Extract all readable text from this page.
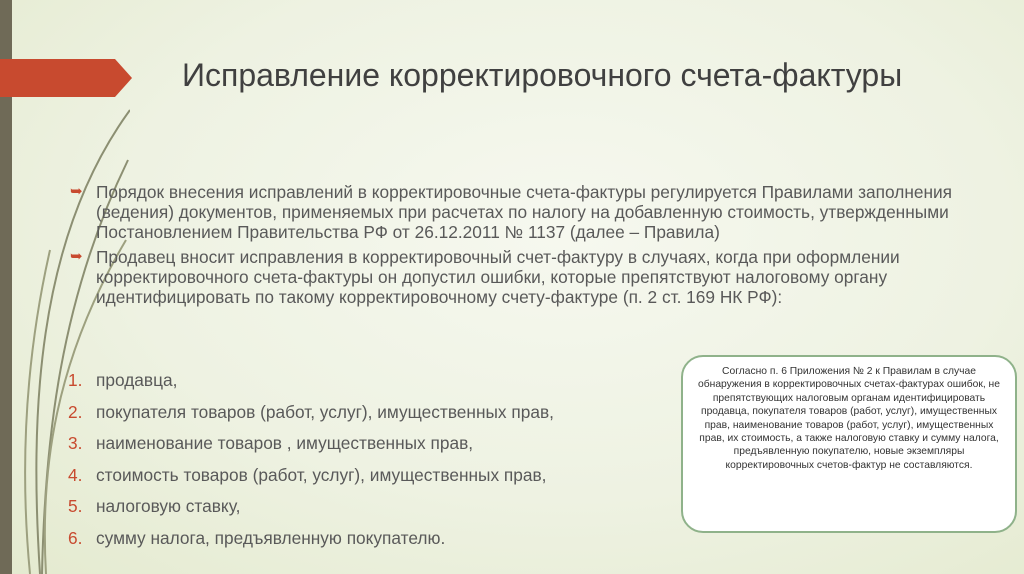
Исправление корректировочного счета-фактуры
➥ Порядок внесения исправлений в корректировочные счета-фактуры регулируется Правилами заполнения (ведения) документов, применяемых при расчетах по налогу на добавленную стоимость, утвержденными Постановлением Правительства РФ от 26.12.2011 № 1137 (далее – Правила)
➥ Продавец вносит исправления в корректировочный счет-фактуру в случаях, когда при оформлении корректировочного счета-фактуры он допустил ошибки, которые препятствуют налоговому органу идентифицировать по такому корректировочному счету-фактуре (п. 2 ст. 169 НК РФ):
1. продавца,
2. покупателя товаров (работ, услуг), имущественных прав,
3. наименование товаров , имущественных прав,
4. стоимость товаров (работ, услуг), имущественных прав,
5. налоговую ставку,
6. сумму налога, предъявленную покупателю.
Согласно п. 6 Приложения № 2 к Правилам в случае обнаружения в корректировочных счетах-фактурах ошибок, не препятствующих налоговым органам идентифицировать продавца, покупателя товаров (работ, услуг), имущественных прав, наименование товаров (работ, услуг), имущественных прав, их стоимость, а также налоговую ставку и сумму налога, предъявленную покупателю, новые экземпляры корректировочных счетов-фактур не составляются.
